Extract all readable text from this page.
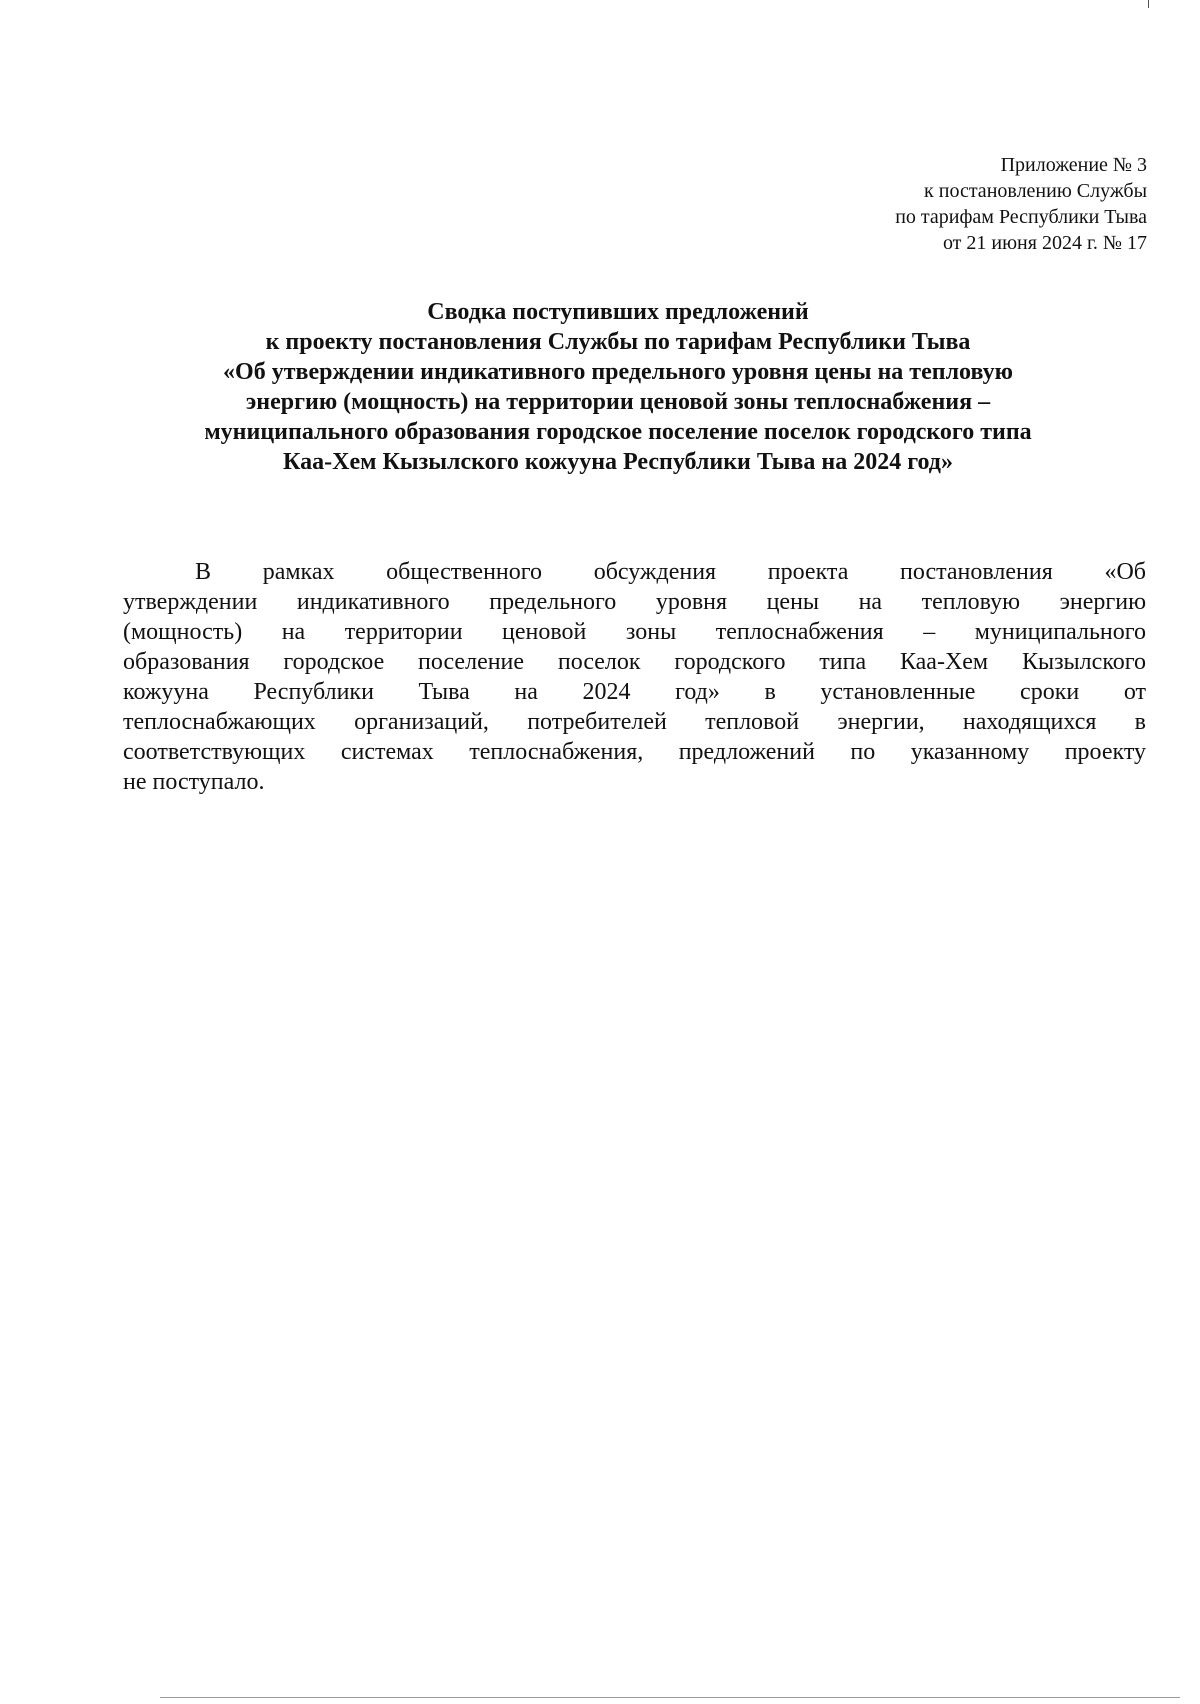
Приложение № 3
к постановлению Службы
по тарифам Республики Тыва
от 21 июня 2024 г. № 17
Сводка поступивших предложений
к проекту постановления Службы по тарифам Республики Тыва
«Об утверждении индикативного предельного уровня цены на тепловую
энергию (мощность) на территории ценовой зоны теплоснабжения –
муниципального образования городское поселение поселок городского типа
Каа-Хем Кызылского кожууна Республики Тыва на 2024 год»
В рамках общественного обсуждения проекта постановления «Об
утверждении индикативного предельного уровня цены на тепловую энергию
(мощность) на территории ценовой зоны теплоснабжения – муниципального
образования городское поселение поселок городского типа Каа-Хем Кызылского
кожууна Республики Тыва на 2024 год» в установленные сроки от
теплоснабжающих организаций, потребителей тепловой энергии, находящихся в
соответствующих системах теплоснабжения, предложений по указанному проекту
не поступало.
